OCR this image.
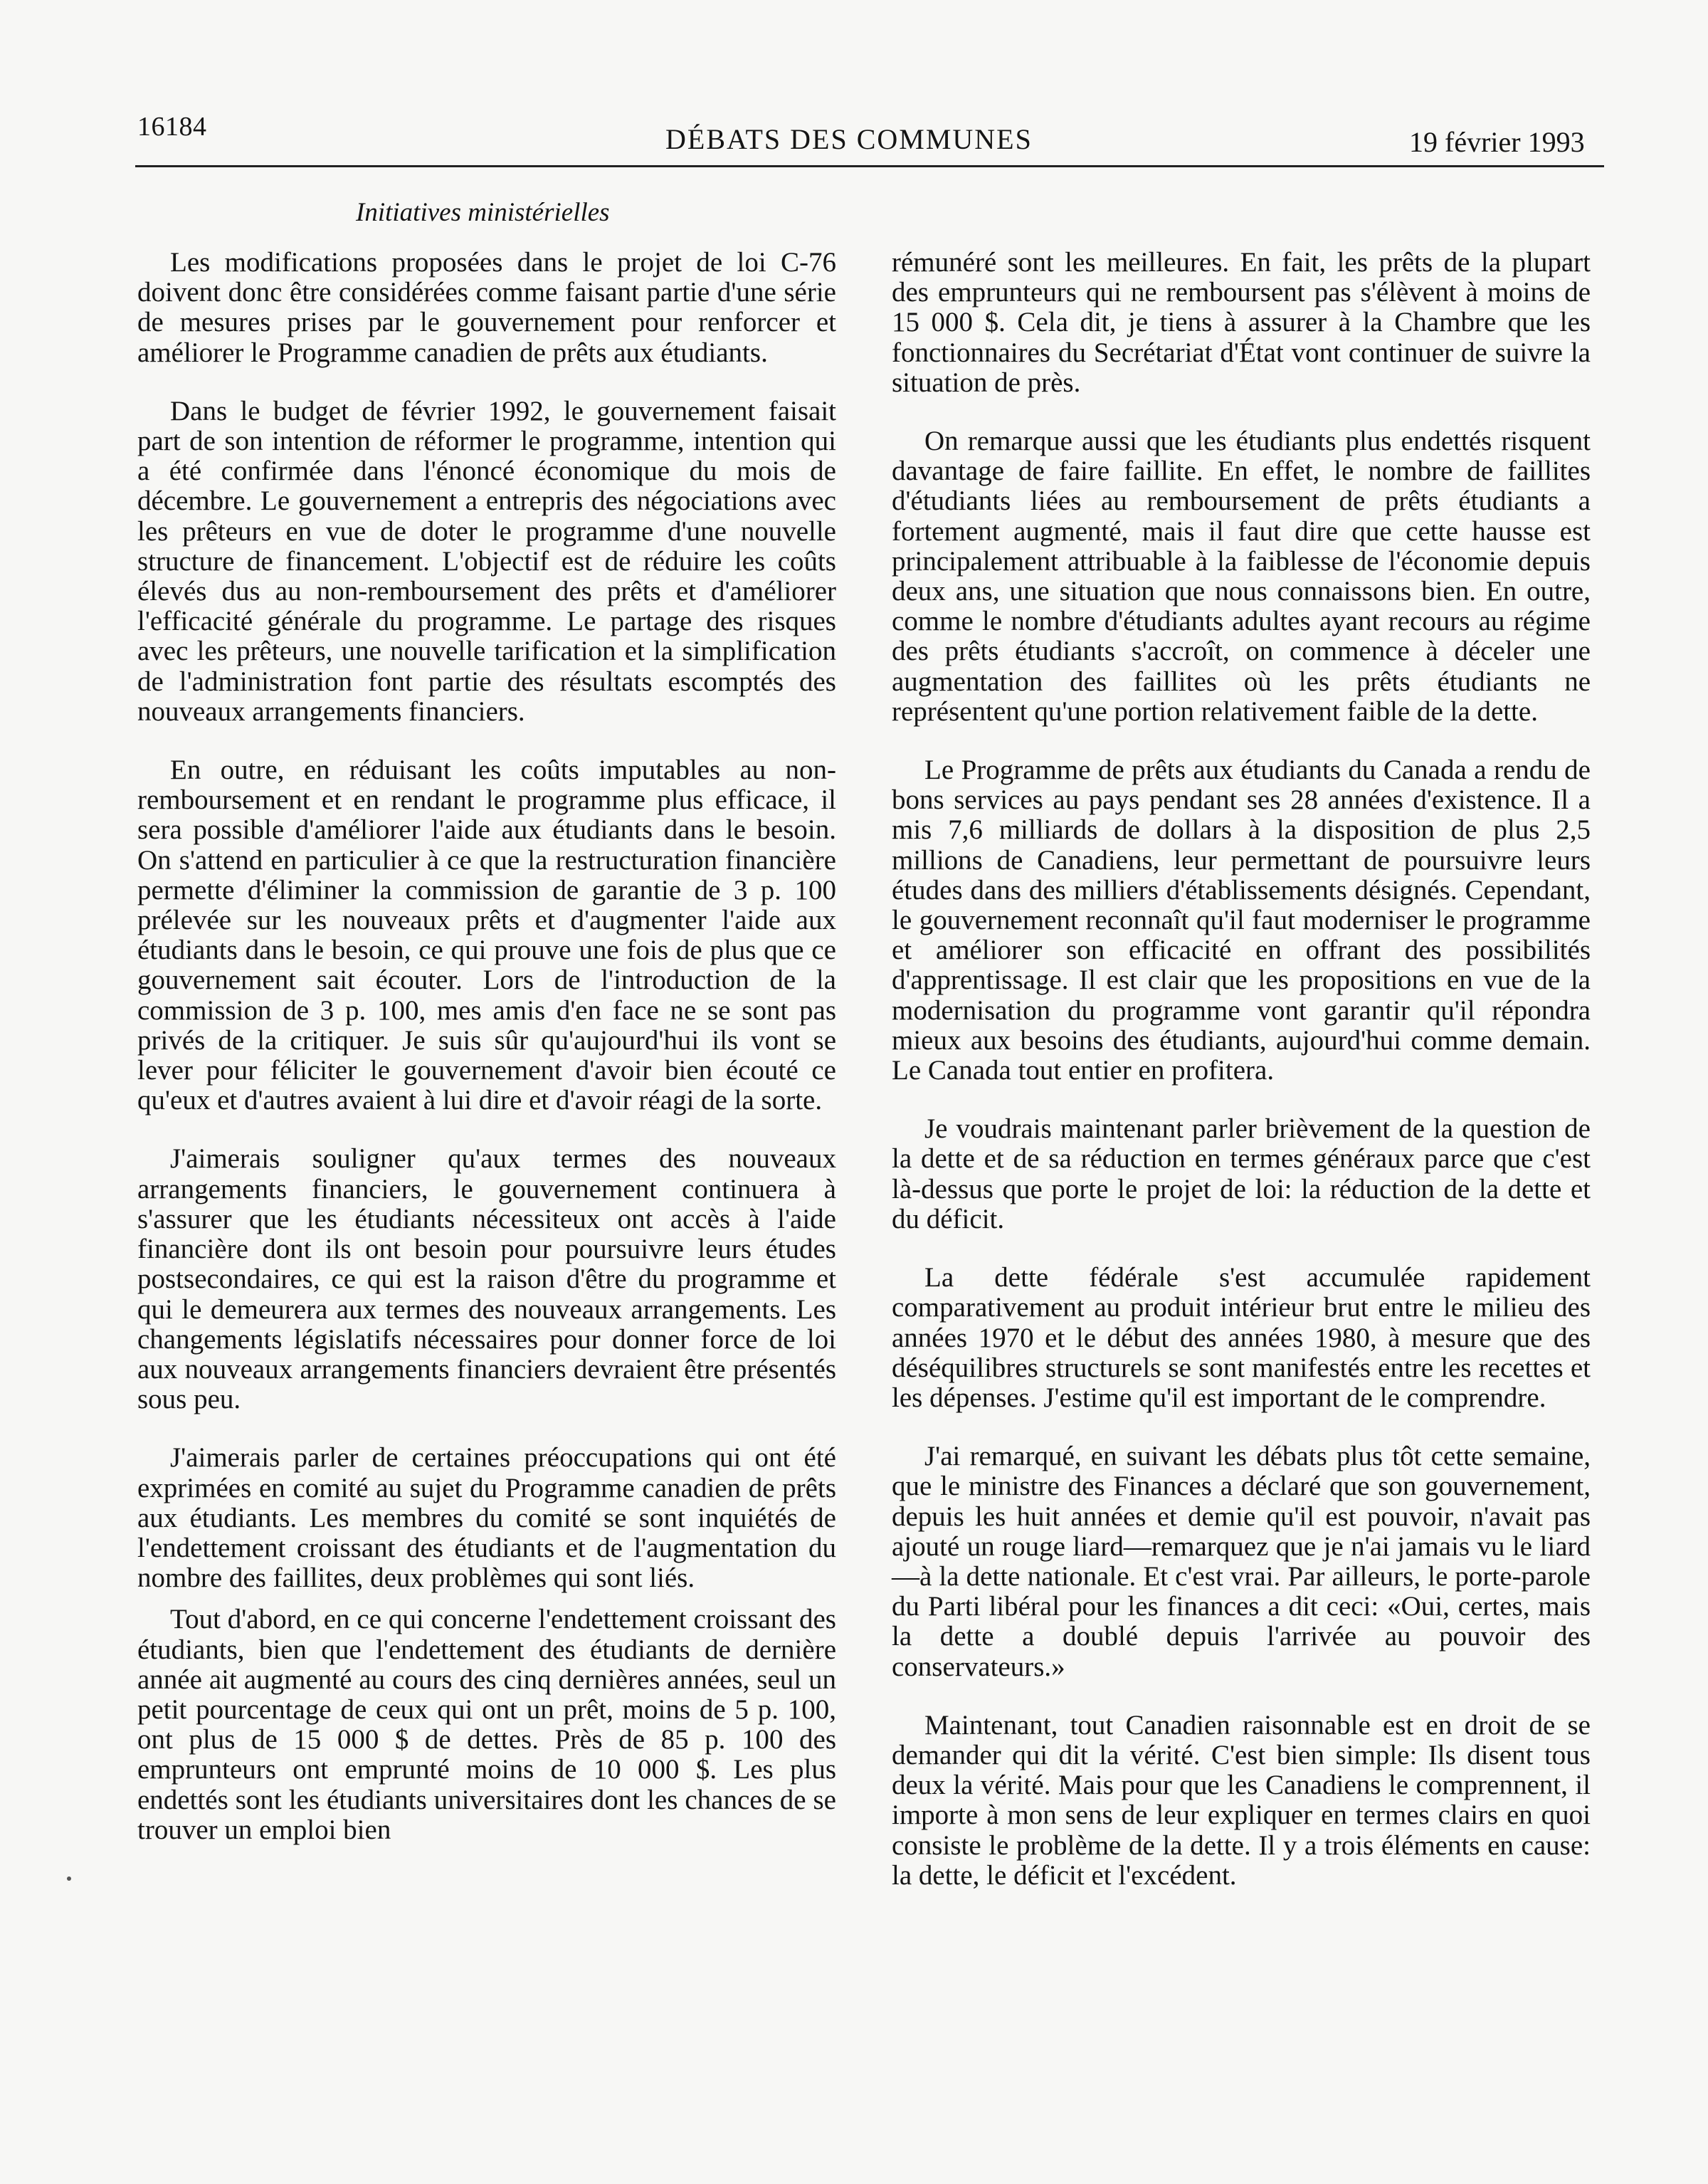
16184	DÉBATS DES COMMUNES	19 février 1993
Initiatives ministérielles

Les modifications proposées dans le projet de loi C-76 doivent donc être considérées comme faisant partie d'une série de mesures prises par le gouvernement pour renforcer et améliorer le Programme canadien de prêts aux étudiants.

Dans le budget de février 1992, le gouvernement faisait part de son intention de réformer le programme, intention qui a été confirmée dans l'énoncé économique du mois de décembre. Le gouvernement a entrepris des négociations avec les prêteurs en vue de doter le programme d'une nouvelle structure de financement. L'objectif est de réduire les coûts élevés dus au non-remboursement des prêts et d'améliorer l'efficacité générale du programme. Le partage des risques avec les prêteurs, une nouvelle tarification et la simplification de l'administration font partie des résultats escomptés des nouveaux arrangements financiers.

En outre, en réduisant les coûts imputables au non-remboursement et en rendant le programme plus efficace, il sera possible d'améliorer l'aide aux étudiants dans le besoin. On s'attend en particulier à ce que la restructuration financière permette d'éliminer la commission de garantie de 3 p. 100 prélevée sur les nouveaux prêts et d'augmenter l'aide aux étudiants dans le besoin, ce qui prouve une fois de plus que ce gouvernement sait écouter. Lors de l'introduction de la commission de 3 p. 100, mes amis d'en face ne se sont pas privés de la critiquer. Je suis sûr qu'aujourd'hui ils vont se lever pour féliciter le gouvernement d'avoir bien écouté ce qu'eux et d'autres avaient à lui dire et d'avoir réagi de la sorte.

J'aimerais souligner qu'aux termes des nouveaux arrangements financiers, le gouvernement continuera à s'assurer que les étudiants nécessiteux ont accès à l'aide financière dont ils ont besoin pour poursuivre leurs études postsecondaires, ce qui est la raison d'être du programme et qui le demeurera aux termes des nouveaux arrangements. Les changements législatifs nécessaires pour donner force de loi aux nouveaux arrangements financiers devraient être présentés sous peu.

J'aimerais parler de certaines préoccupations qui ont été exprimées en comité au sujet du Programme canadien de prêts aux étudiants. Les membres du comité se sont inquiétés de l'endettement croissant des étudiants et de l'augmentation du nombre des faillites, deux problèmes qui sont liés.

Tout d'abord, en ce qui concerne l'endettement croissant des étudiants, bien que l'endettement des étudiants de dernière année ait augmenté au cours des cinq dernières années, seul un petit pourcentage de ceux qui ont un prêt, moins de 5 p. 100, ont plus de 15 000 $ de dettes. Près de 85 p. 100 des emprunteurs ont emprunté moins de 10 000 $. Les plus endettés sont les étudiants universitaires dont les chances de se trouver un emploi bien

rémunéré sont les meilleures. En fait, les prêts de la plupart des emprunteurs qui ne remboursent pas s'élèvent à moins de 15 000 $. Cela dit, je tiens à assurer à la Chambre que les fonctionnaires du Secrétariat d'État vont continuer de suivre la situation de près.

On remarque aussi que les étudiants plus endettés risquent davantage de faire faillite. En effet, le nombre de faillites d'étudiants liées au remboursement de prêts étudiants a fortement augmenté, mais il faut dire que cette hausse est principalement attribuable à la faiblesse de l'économie depuis deux ans, une situation que nous connaissons bien. En outre, comme le nombre d'étudiants adultes ayant recours au régime des prêts étudiants s'accroît, on commence à déceler une augmentation des faillites où les prêts étudiants ne représentent qu'une portion relativement faible de la dette.

Le Programme de prêts aux étudiants du Canada a rendu de bons services au pays pendant ses 28 années d'existence. Il a mis 7,6 milliards de dollars à la disposition de plus 2,5 millions de Canadiens, leur permettant de poursuivre leurs études dans des milliers d'établissements désignés. Cependant, le gouvernement reconnaît qu'il faut moderniser le programme et améliorer son efficacité en offrant des possibilités d'apprentissage. Il est clair que les propositions en vue de la modernisation du programme vont garantir qu'il répondra mieux aux besoins des étudiants, aujourd'hui comme demain. Le Canada tout entier en profitera.

Je voudrais maintenant parler brièvement de la question de la dette et de sa réduction en termes généraux parce que c'est là-dessus que porte le projet de loi: la réduction de la dette et du déficit.

La dette fédérale s'est accumulée rapidement comparativement au produit intérieur brut entre le milieu des années 1970 et le début des années 1980, à mesure que des déséquilibres structurels se sont manifestés entre les recettes et les dépenses. J'estime qu'il est important de le comprendre.

J'ai remarqué, en suivant les débats plus tôt cette semaine, que le ministre des Finances a déclaré que son gouvernement, depuis les huit années et demie qu'il est pouvoir, n'avait pas ajouté un rouge liard—remarquez que je n'ai jamais vu le liard—à la dette nationale. Et c'est vrai. Par ailleurs, le porte-parole du Parti libéral pour les finances a dit ceci: «Oui, certes, mais la dette a doublé depuis l'arrivée au pouvoir des conservateurs.»

Maintenant, tout Canadien raisonnable est en droit de se demander qui dit la vérité. C'est bien simple: Ils disent tous deux la vérité. Mais pour que les Canadiens le comprennent, il importe à mon sens de leur expliquer en termes clairs en quoi consiste le problème de la dette. Il y a trois éléments en cause: la dette, le déficit et l'excédent.
